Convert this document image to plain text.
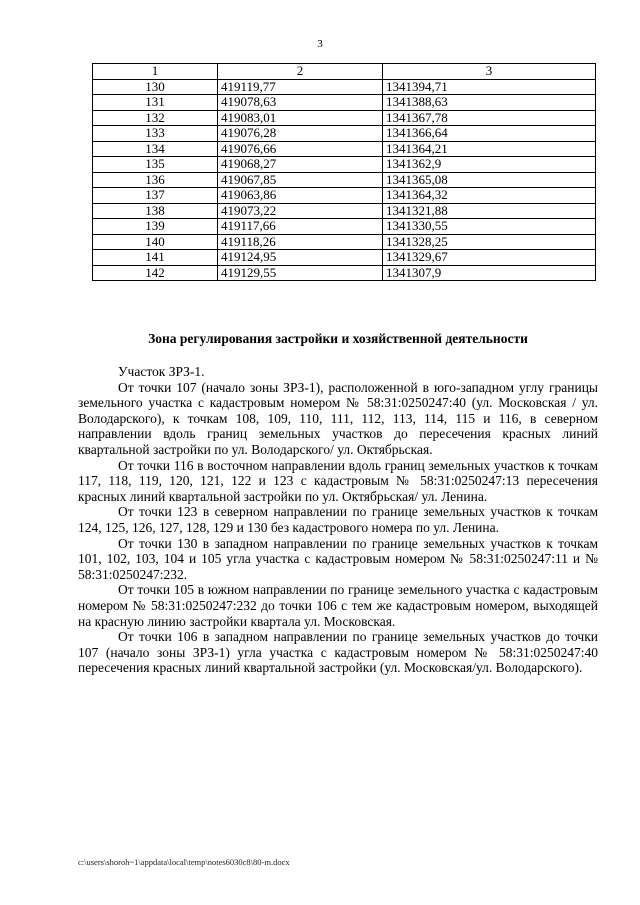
3
1	2	3
130	419119,77	1341394,71
131	419078,63	1341388,63
132	419083,01	1341367,78
133	419076,28	1341366,64
134	419076,66	1341364,21
135	419068,27	1341362,9
136	419067,85	1341365,08
137	419063,86	1341364,32
138	419073,22	1341321,88
139	419117,66	1341330,55
140	419118,26	1341328,25
141	419124,95	1341329,67
142	419129,55	1341307,9
Зона регулирования застройки и хозяйственной деятельности

Участок ЗРЗ-1.

От точки 107 (начало зоны ЗРЗ-1), расположенной в юго-западном углу границы земельного участка с кадастровым номером № 58:31:0250247:40 (ул. Московская / ул. Володарского), к точкам 108, 109, 110, 111, 112, 113, 114, 115 и 116, в северном направлении вдоль границ земельных участков до пересечения красных линий квартальной застройки по ул. Володарского/ ул. Октябрьская.

От точки 116 в восточном направлении вдоль границ земельных участков к точкам 117, 118, 119, 120, 121, 122 и 123 с кадастровым № 58:31:0250247:13 пересечения красных линий квартальной застройки по ул. Октябрьская/ ул. Ленина.

От точки 123 в северном направлении по границе земельных участков к точкам 124, 125, 126, 127, 128, 129 и 130 без кадастрового номера по ул. Ленина.

От точки 130 в западном направлении по границе земельных участков к точкам 101, 102, 103, 104 и 105 угла участка с кадастровым номером № 58:31:0250247:11 и № 58:31:0250247:232.

От точки 105 в южном направлении по границе земельного участка с кадастровым номером № 58:31:0250247:232 до точки 106 с тем же кадастровым номером, выходящей на красную линию застройки квартала ул. Московская.

От точки 106 в западном направлении по границе земельных участков до точки 107 (начало зоны ЗРЗ-1) угла участка с кадастровым номером № 58:31:0250247:40 пересечения красных линий квартальной застройки (ул. Московская/ул. Володарского).

c:\users\shoroh~1\appdata\local\temp\notes6030c8\80-m.docx
